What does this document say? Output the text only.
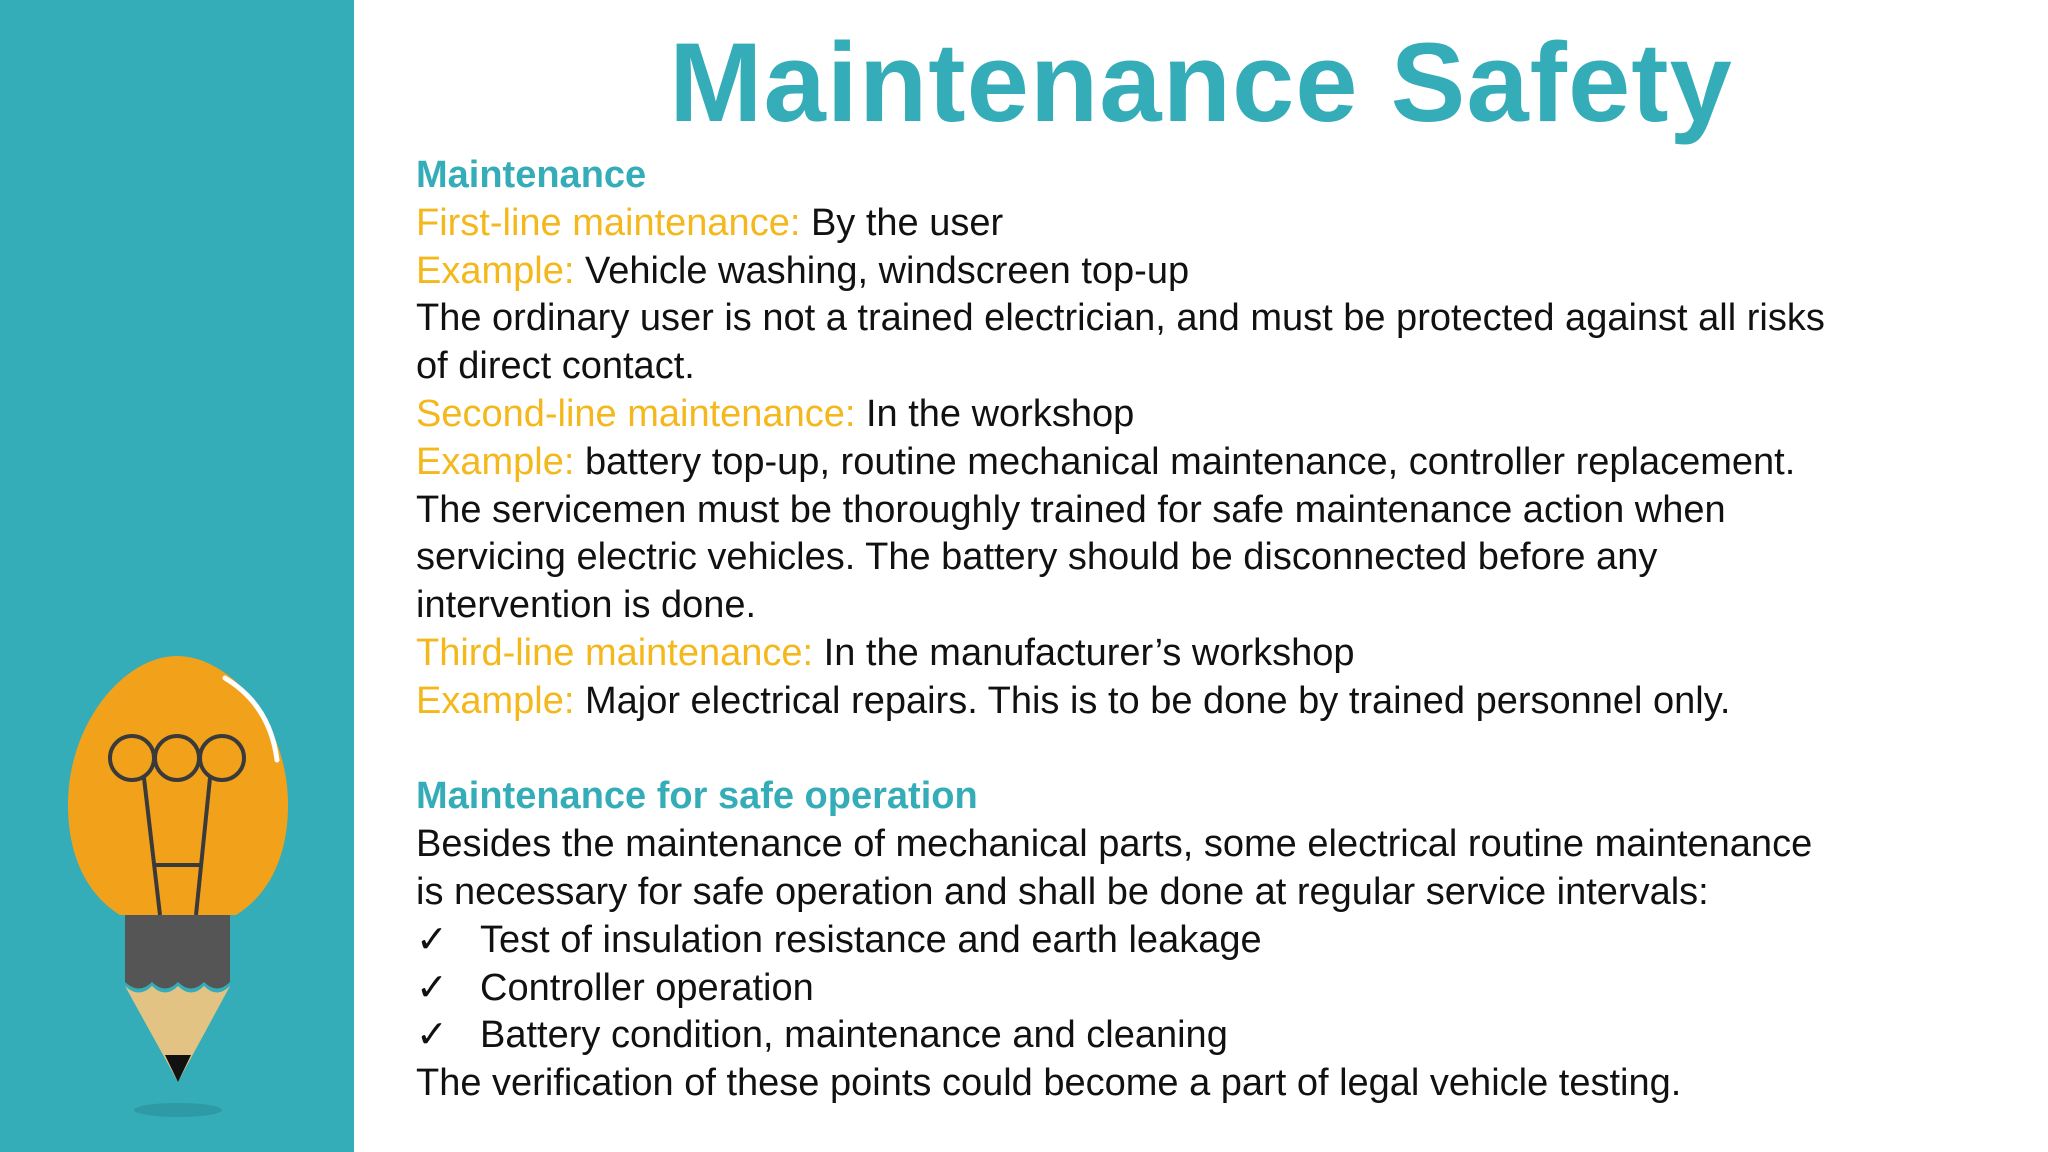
Maintenance Safety
Maintenance
First-line maintenance: By the user
Example: Vehicle washing, windscreen top-up
The ordinary user is not a trained electrician, and must be protected against all risks
of direct contact.
Second-line maintenance: In the workshop
Example: battery top-up, routine mechanical maintenance, controller replacement.
The servicemen must be thoroughly trained for safe maintenance action when
servicing electric vehicles. The battery should be disconnected before any
intervention is done.
Third-line maintenance: In the manufacturer’s workshop
Example: Major electrical repairs. This is to be done by trained personnel only.
Maintenance for safe operation
Besides the maintenance of mechanical parts, some electrical routine maintenance
is necessary for safe operation and shall be done at regular service intervals:
✓ Test of insulation resistance and earth leakage
✓ Controller operation
✓ Battery condition, maintenance and cleaning
The verification of these points could become a part of legal vehicle testing.
